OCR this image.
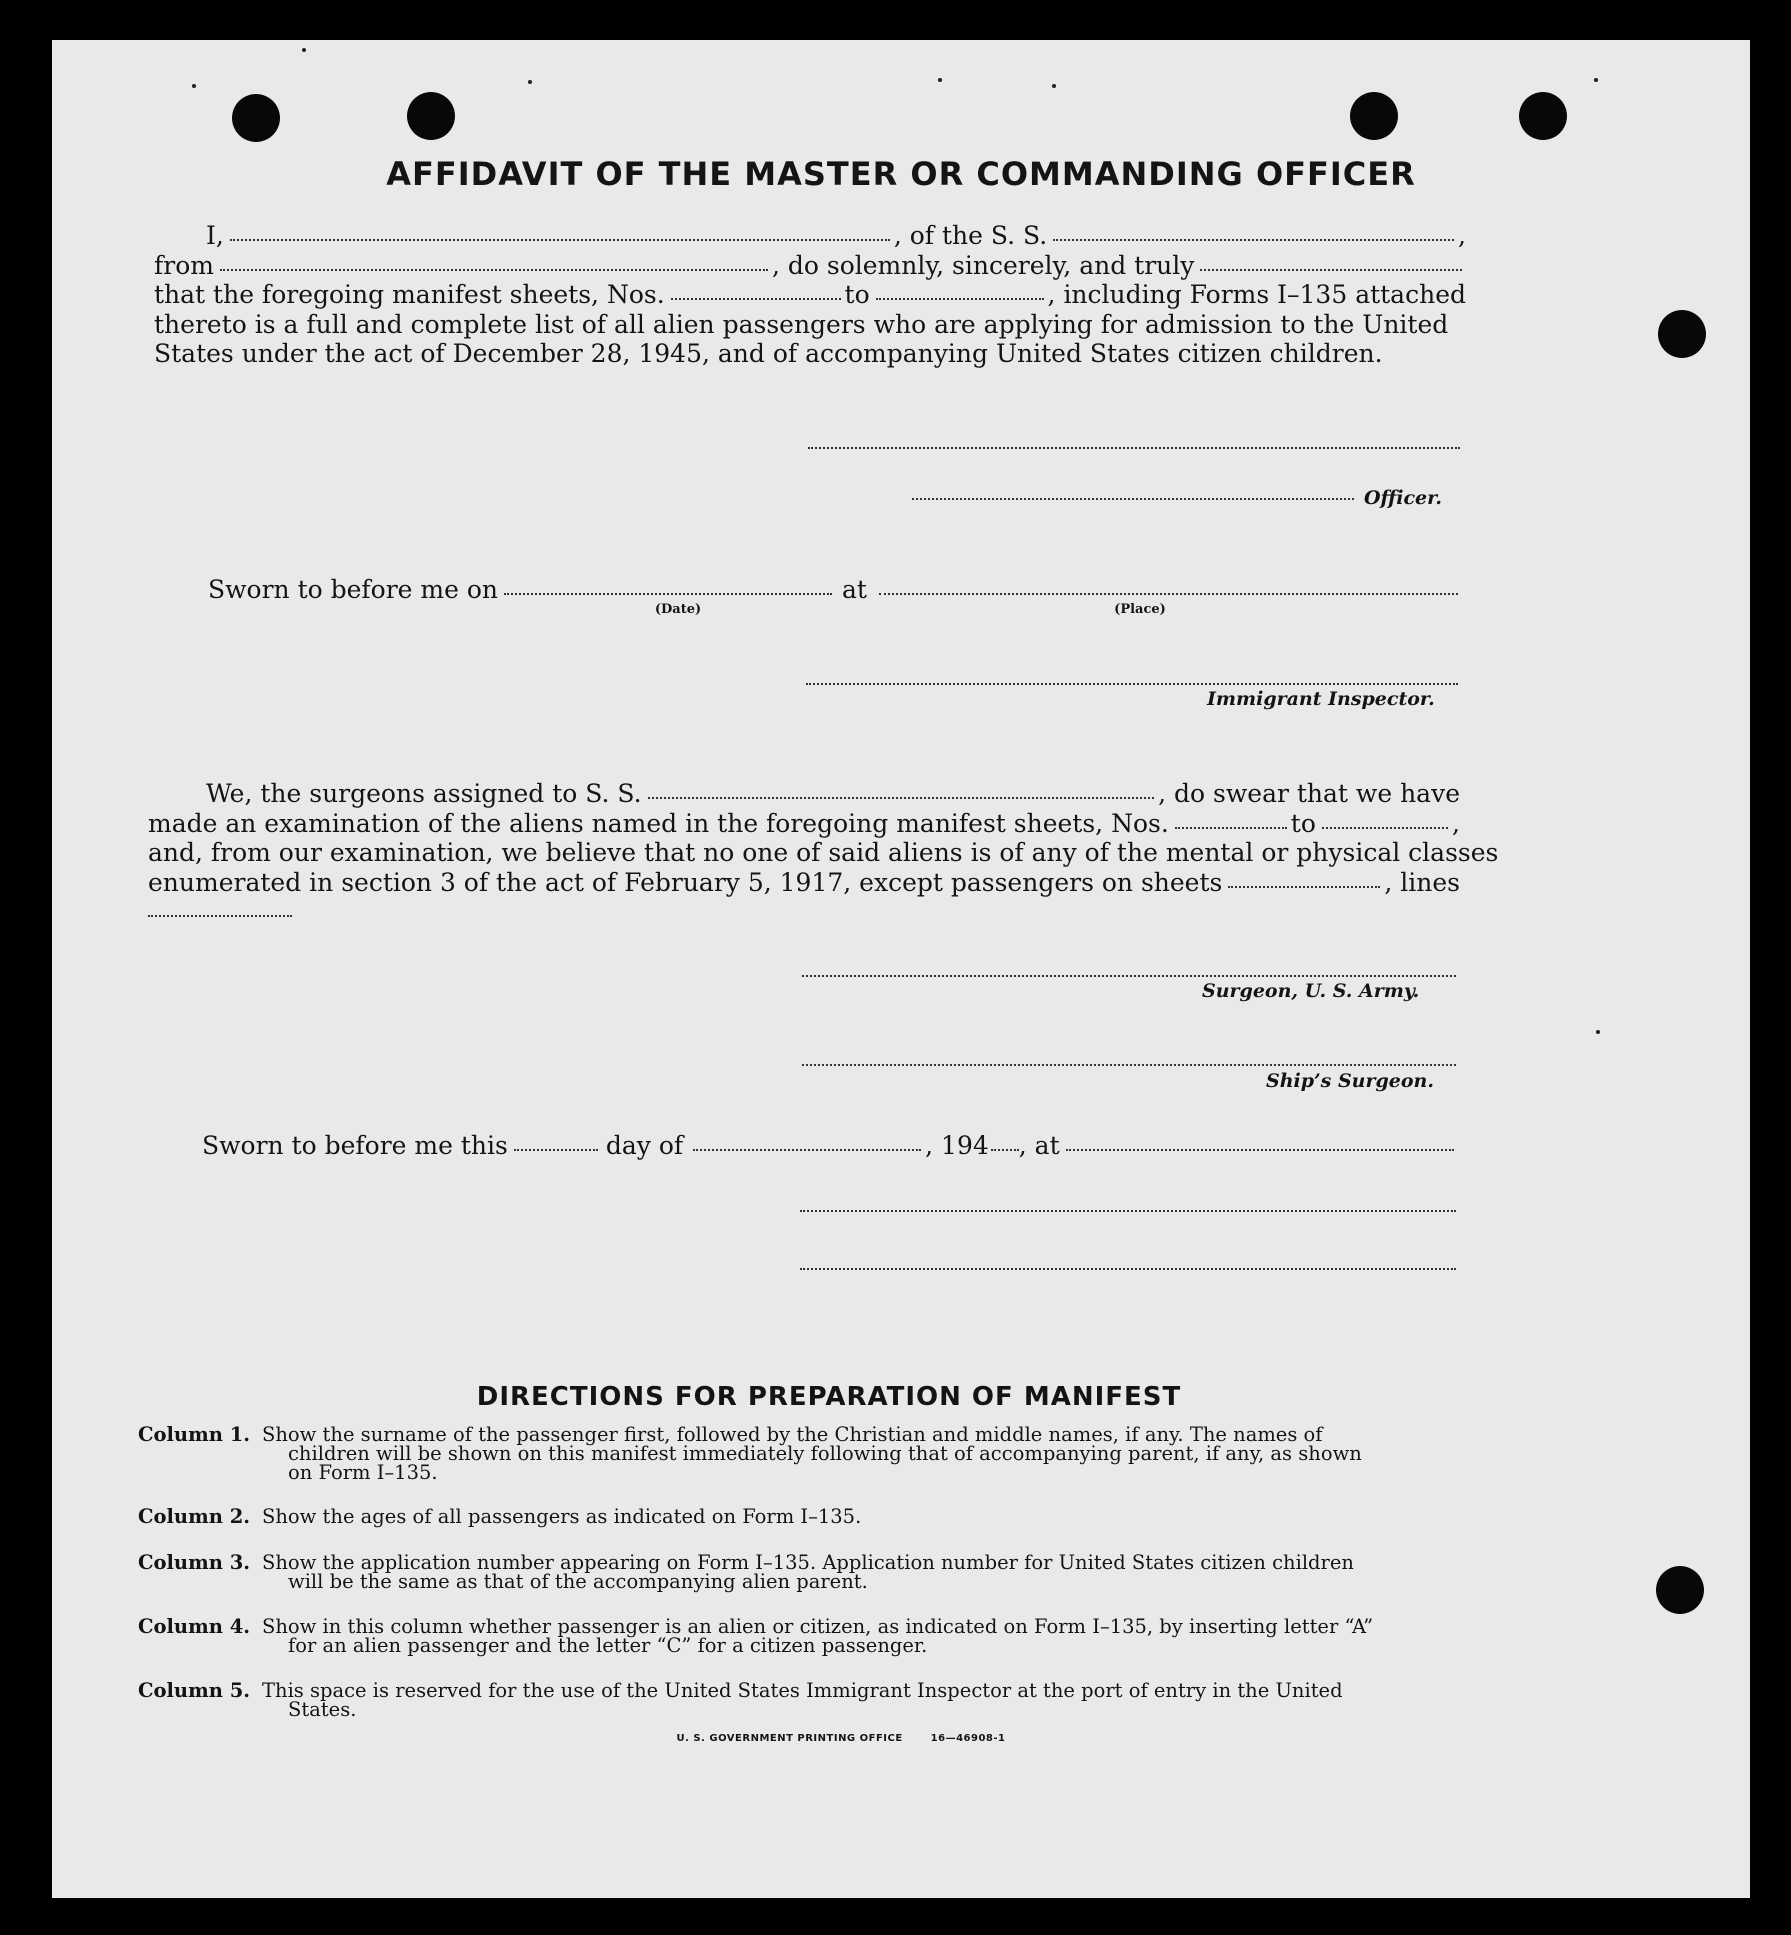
AFFIDAVIT OF THE MASTER OR COMMANDING OFFICER
I,	, of the S. S.	,
from	, do solemnly, sincerely, and truly
that the foregoing manifest sheets, Nos.	to	, including Forms I–135 attached
thereto is a full and complete list of all alien passengers who are applying for admission to the United
States under the act of December 28, 1945, and of accompanying United States citizen children.
Officer.
Sworn to before me on	at
(Date)	(Place)
Immigrant Inspector.
We, the surgeons assigned to S. S.	, do swear that we have
made an examination of the aliens named in the foregoing manifest sheets, Nos.	to	,
and, from our examination, we believe that no one of said aliens is of any of the mental or physical classes
enumerated in section 3 of the act of February 5, 1917, except passengers on sheets	, lines
Surgeon, U. S. Army.
Ship’s Surgeon.
Sworn to before me this	day of	, 194 , at
DIRECTIONS FOR PREPARATION OF MANIFEST
Column 1. Show the surname of the passenger first, followed by the Christian and middle names, if any. The names of
children will be shown on this manifest immediately following that of accompanying parent, if any, as shown
on Form I–135.
Column 2. Show the ages of all passengers as indicated on Form I–135.
Column 3. Show the application number appearing on Form I–135. Application number for United States citizen children
will be the same as that of the accompanying alien parent.
Column 4. Show in this column whether passenger is an alien or citizen, as indicated on Form I–135, by inserting letter “A”
for an alien passenger and the letter “C” for a citizen passenger.
Column 5. This space is reserved for the use of the United States Immigrant Inspector at the port of entry in the United
States.
U. S. GOVERNMENT PRINTING OFFICE	16—46908-1
